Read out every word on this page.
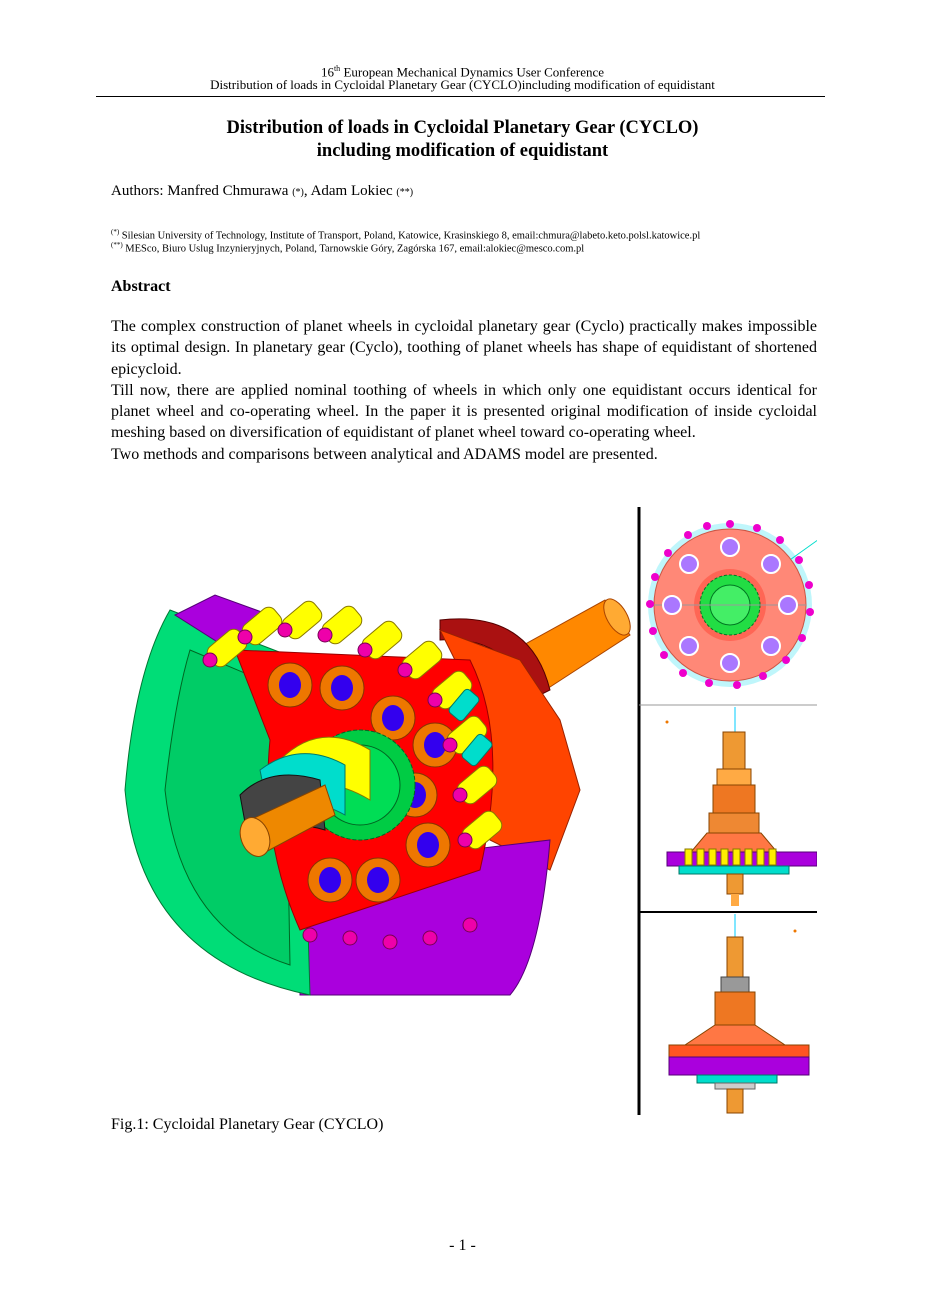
16th European Mechanical Dynamics User Conference
Distribution of loads in Cycloidal Planetary Gear (CYCLO)including modification of equidistant
Distribution of loads in Cycloidal Planetary Gear (CYCLO)
including modification of equidistant
Authors: Manfred Chmurawa (*), Adam Lokiec (**)
(*) Silesian University of Technology, Institute of Transport, Poland, Katowice, Krasinskiego 8, email:chmura@labeto.keto.polsl.katowice.pl
(**) MESco, Biuro Uslug Inzynieryjnych, Poland, Tarnowskie Góry, Zagórska 167, email:alokiec@mesco.com.pl
Abstract

The complex construction of planet wheels in cycloidal planetary gear (Cyclo) practically makes impossible its optimal design. In planetary gear (Cyclo), toothing of planet wheels has shape of equidistant of shortened epicycloid.

Till now, there are applied nominal toothing of wheels in which only one equidistant occurs identical for planet wheel and co-operating wheel. In the paper it is presented original modification of inside cycloidal meshing based on diversification of equidistant of planet wheel toward co-operating wheel.

Two methods and comparisons between analytical and ADAMS model are presented.

Fig.1: Cycloidal Planetary Gear (CYCLO)
- 1 -
